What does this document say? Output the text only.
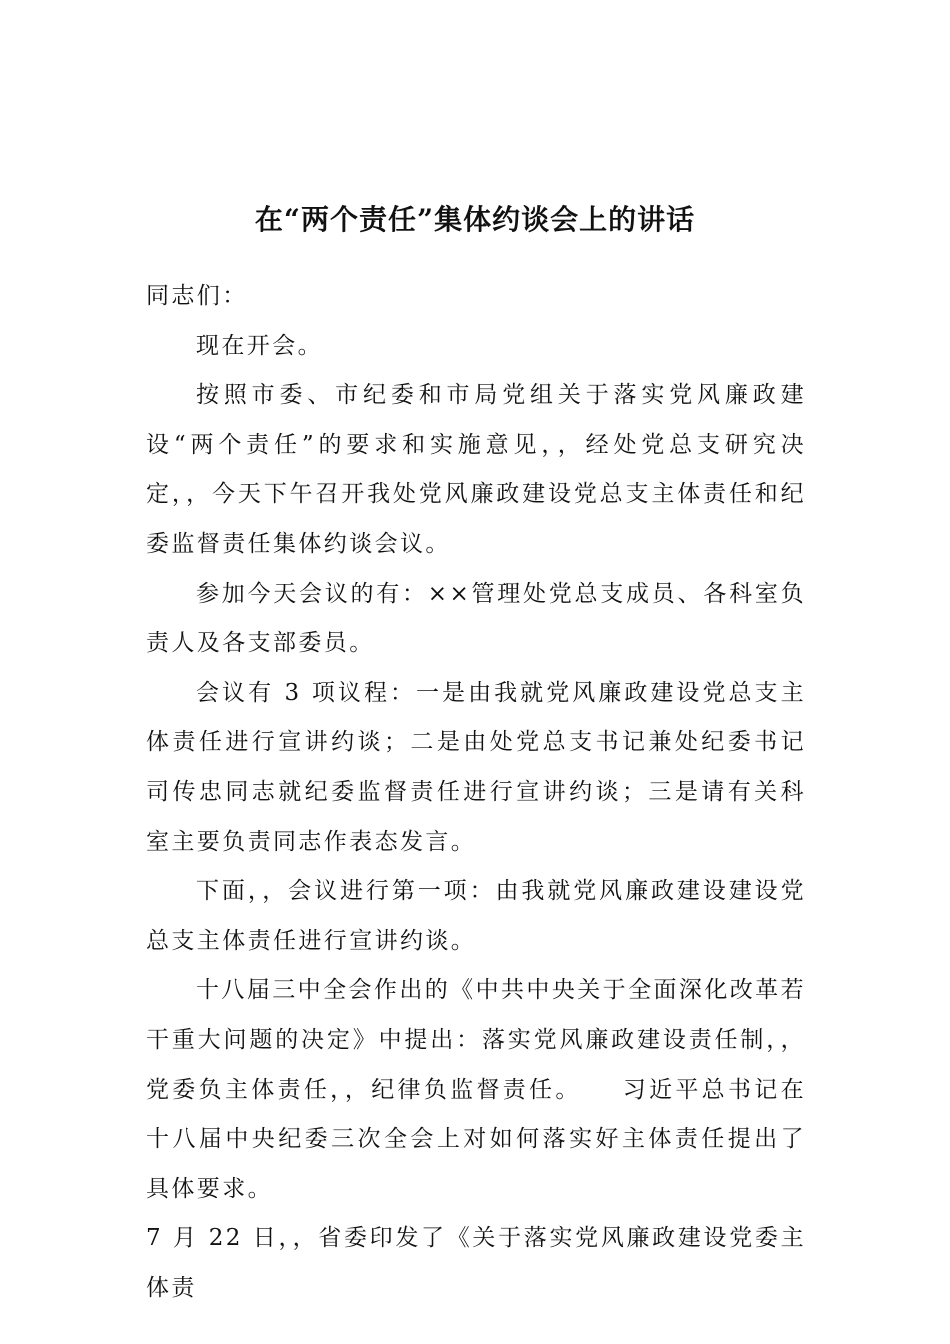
在“两个责任”集体约谈会上的讲话

同志们：

现在开会。

按照市委、市纪委和市局党组关于落实党风廉政建设“两个责任”的要求和实施意见，，经处党总支研究决定，，今天下午召开我处党风廉政建设党总支主体责任和纪委监督责任集体约谈会议。

参加今天会议的有：××管理处党总支成员、各科室负责人及各支部委员。

会议有 3 项议程：一是由我就党风廉政建设党总支主体责任进行宣讲约谈；二是由处党总支书记兼处纪委书记司传忠同志就纪委监督责任进行宣讲约谈；三是请有关科室主要负责同志作表态发言。

下面，，会议进行第一项：由我就党风廉政建设建设党总支主体责任进行宣讲约谈。

十八届三中全会作出的《中共中央关于全面深化改革若干重大问题的决定》中提出：落实党风廉政建设责任制，，党委负主体责任，，纪律负监督责任。　　习近平总书记在十八届中央纪委三次全会上对如何落实好主体责任提出了具体要求。

7 月 22 日，，省委印发了《关于落实党风廉政建设党委主体责
